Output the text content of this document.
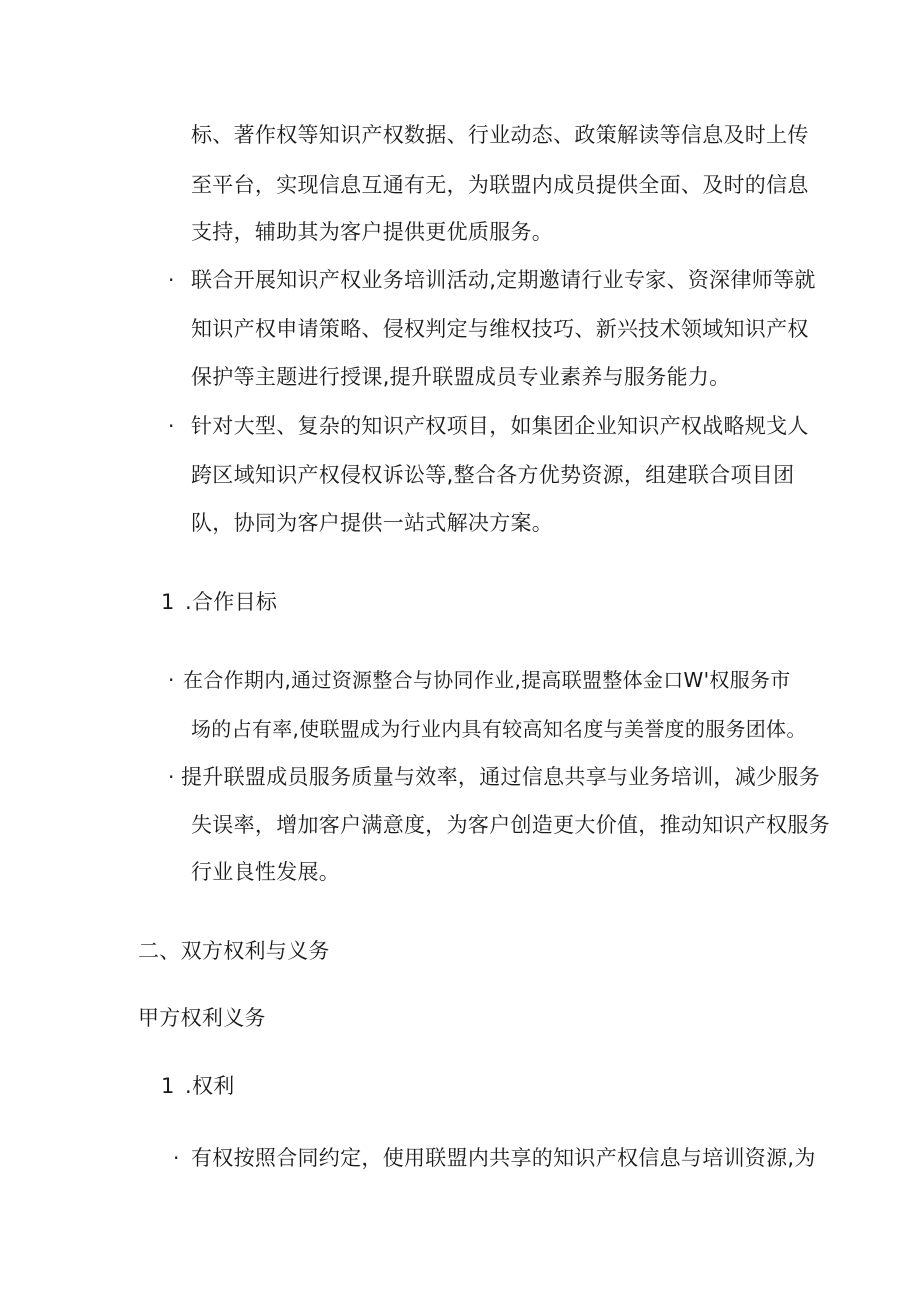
标、著作权等知识产权数据、行业动态、政策解读等信息及时上传
至平台，实现信息互通有无，为联盟内成员提供全面、及时的信息
支持，辅助其为客户提供更优质服务。
· 联合开展知识产权业务培训活动,定期邀请行业专家、资深律师等就
知识产权申请策略、侵权判定与维权技巧、新兴技术领域知识产权
保护等主题进行授课,提升联盟成员专业素养与服务能力。
· 针对大型、复杂的知识产权项目，如集团企业知识产权战略规戈人
跨区域知识产权侵权诉讼等,整合各方优势资源，组建联合项目团
队，协同为客户提供一站式解决方案。
1 .合作目标
· 在合作期内,通过资源整合与协同作业,提高联盟整体金口W'权服务市
场的占有率,使联盟成为行业内具有较高知名度与美誉度的服务团体。
· 提升联盟成员服务质量与效率，通过信息共享与业务培训，减少服务
失误率，增加客户满意度，为客户创造更大价值，推动知识产权服务
行业良性发展。
二、双方权利与义务
甲方权利义务
1 .权利
· 有权按照合同约定，使用联盟内共享的知识产权信息与培训资源,为
